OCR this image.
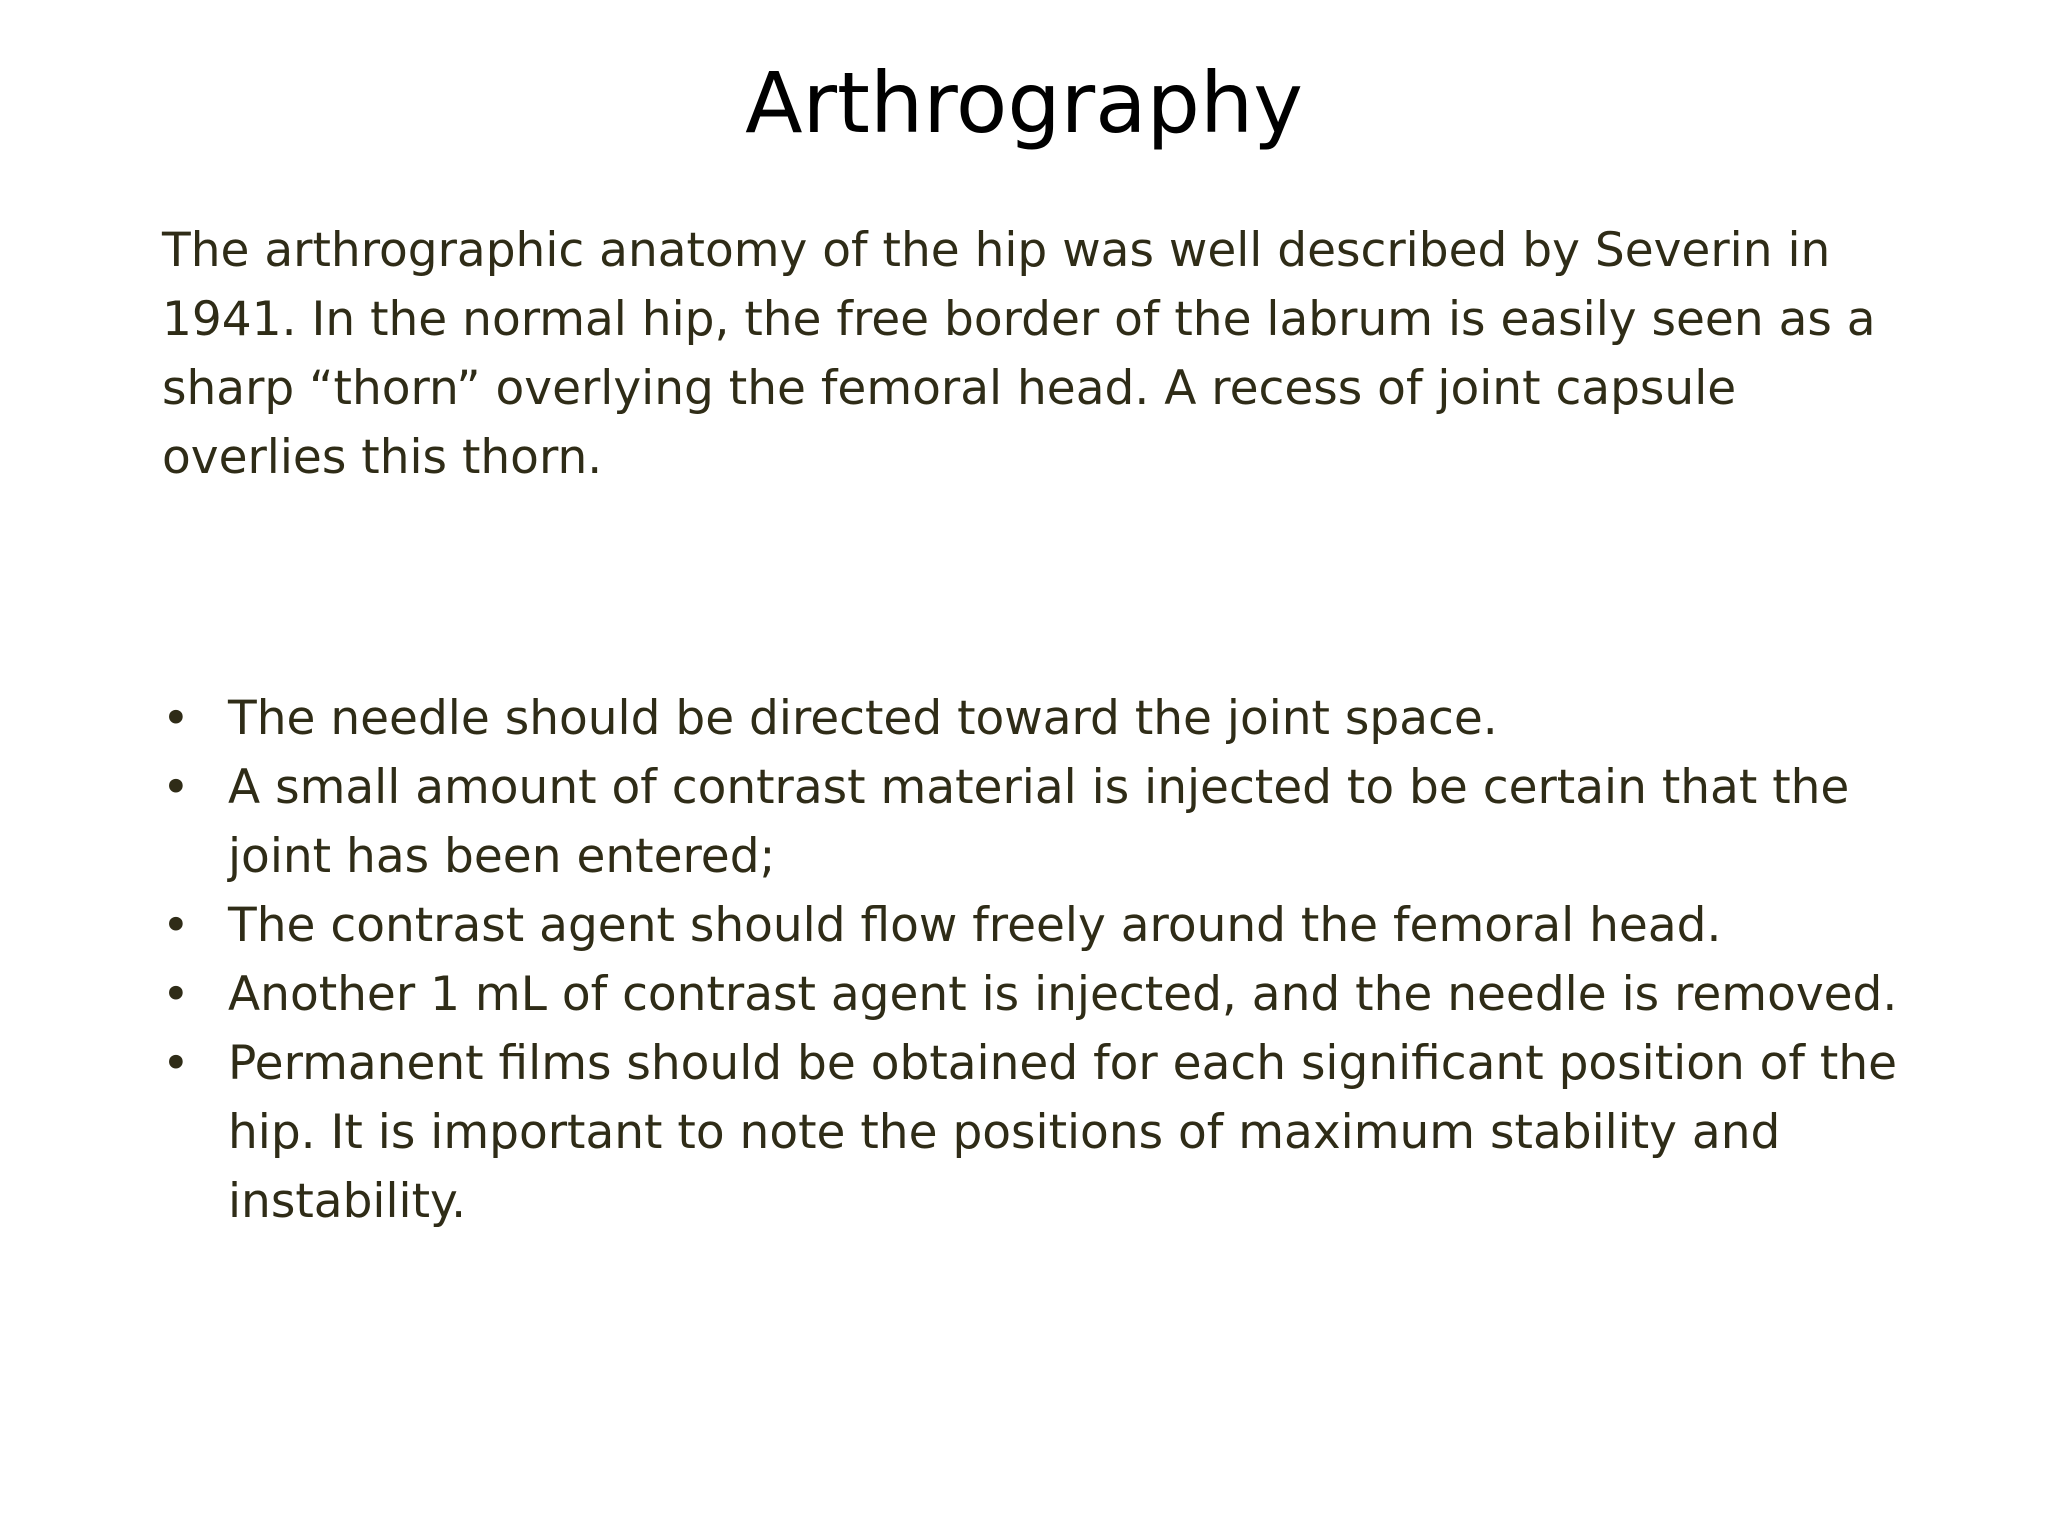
Arthrography

The arthrographic anatomy of the hip was well described by Severin in 1941. In the normal hip, the free border of the labrum is easily seen as a sharp “thorn” overlying the femoral head. A recess of joint capsule overlies this thorn.

• The needle should be directed toward the joint space.
• A small amount of contrast material is injected to be certain that the joint has been entered;
• The contrast agent should flow freely around the femoral head.
• Another 1 mL of contrast agent is injected, and the needle is removed.
• Permanent films should be obtained for each significant position of the hip. It is important to note the positions of maximum stability and instability.
